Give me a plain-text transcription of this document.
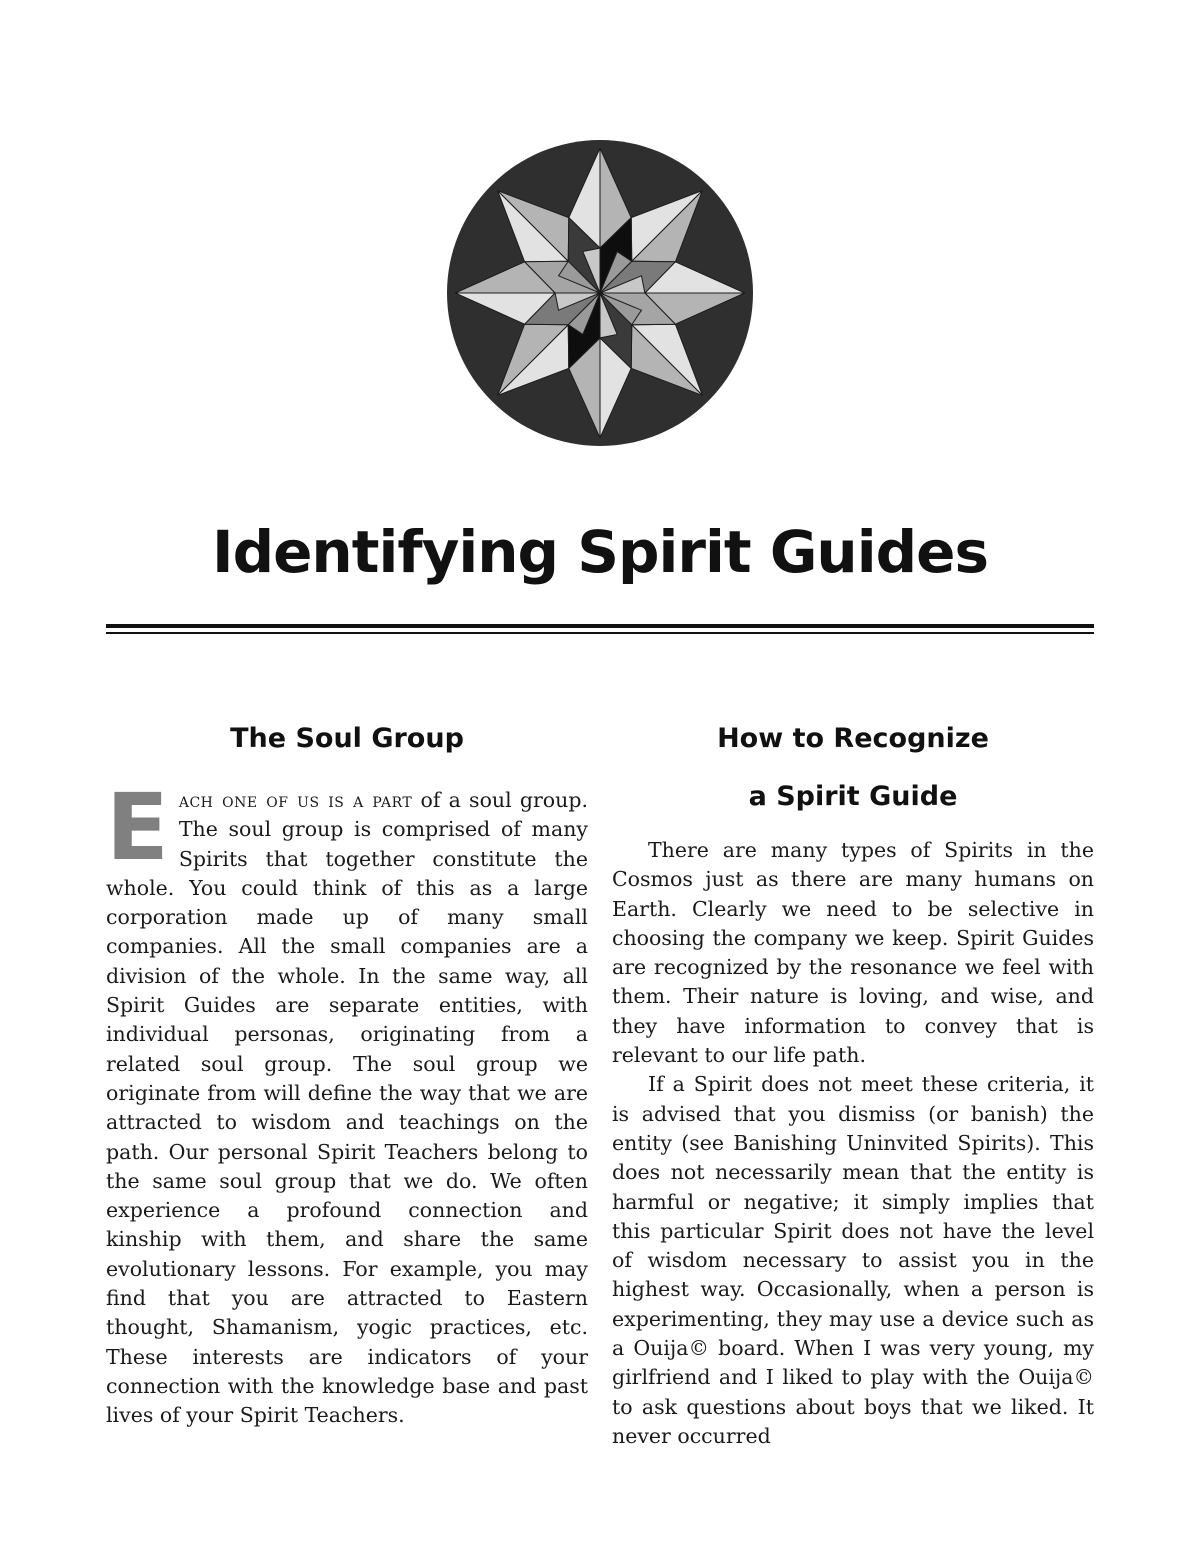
Identifying Spirit Guides
The Soul Group

Each one of us is a part of a soul group. The soul group is comprised of many Spirits that together constitute the whole. You could think of this as a large corporation made up of many small companies. All the small companies are a division of the whole. In the same way, all Spirit Guides are separate entities, with individual personas, originating from a related soul group. The soul group we originate from will define the way that we are attracted to wisdom and teachings on the path. Our personal Spirit Teachers belong to the same soul group that we do. We often experience a profound connection and kinship with them, and share the same evolutionary lessons. For example, you may find that you are attracted to Eastern thought, Shamanism, yogic practices, etc. These interests are indicators of your connection with the knowledge base and past lives of your Spirit Teachers.

How to Recognize
a Spirit Guide

There are many types of Spirits in the Cosmos just as there are many humans on Earth. Clearly we need to be selective in choosing the company we keep. Spirit Guides are recognized by the resonance we feel with them. Their nature is loving, and wise, and they have information to convey that is relevant to our life path.

If a Spirit does not meet these criteria, it is advised that you dismiss (or banish) the entity (see Banishing Uninvited Spirits). This does not necessarily mean that the entity is harmful or negative; it simply implies that this particular Spirit does not have the level of wisdom necessary to assist you in the highest way. Occasionally, when a person is experimenting, they may use a device such as a Ouija© board. When I was very young, my girlfriend and I liked to play with the Ouija© to ask questions about boys that we liked. It never occurred
